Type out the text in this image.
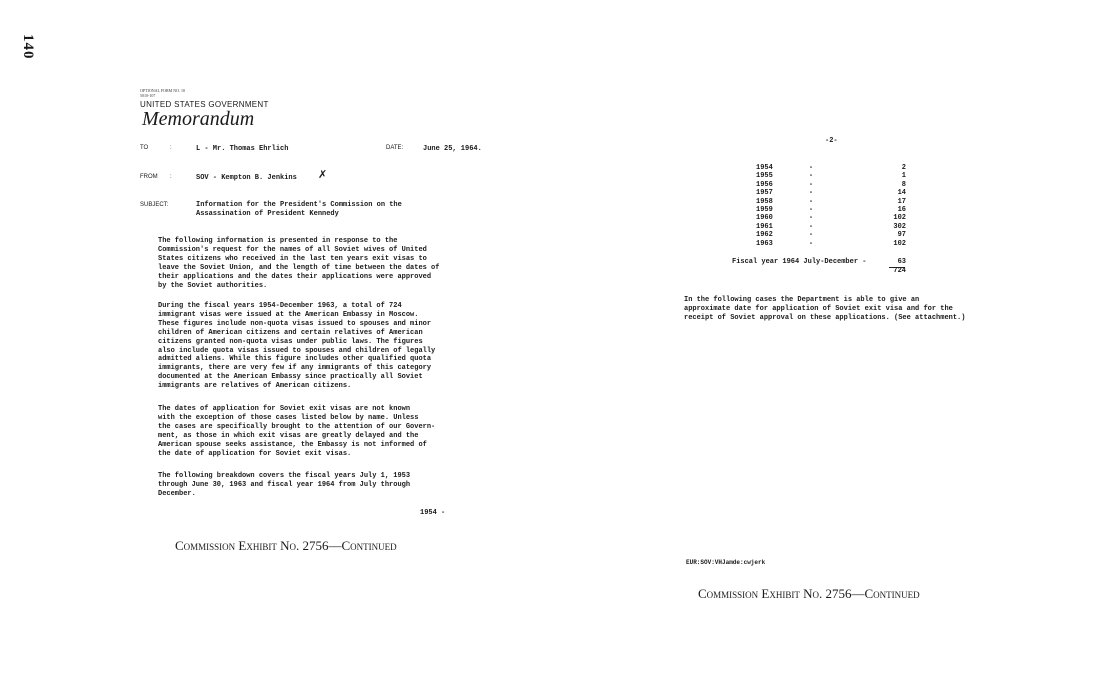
140
OPTIONAL FORM NO. 10
5010-107
UNITED STATES GOVERNMENT
Memorandum
TO	:	L - Mr. Thomas Ehrlich	DATE:	June 25, 1964.
FROM :	SOV - Kempton B. Jenkins	✗
SUBJECT:	Information for the President's Commission on the
Assassination of President Kennedy
The following information is presented in response to the
Commission's request for the names of all Soviet wives of United
States citizens who received in the last ten years exit visas to
leave the Soviet Union, and the length of time between the dates of
their applications and the dates their applications were approved
by the Soviet authorities.
During the fiscal years 1954-December 1963, a total of 724
immigrant visas were issued at the American Embassy in Moscow.
These figures include non-quota visas issued to spouses and minor
children of American citizens and certain relatives of American
citizens granted non-quota visas under public laws. The figures
also include quota visas issued to spouses and children of legally
admitted aliens. While this figure includes other qualified quota
immigrants, there are very few if any immigrants of this category
documented at the American Embassy since practically all Soviet
immigrants are relatives of American citizens.
The dates of application for Soviet exit visas are not known
with the exception of those cases listed below by name. Unless
the cases are specifically brought to the attention of our Govern-
ment, as those in which exit visas are greatly delayed and the
American spouse seeks assistance, the Embassy is not informed of
the date of application for Soviet exit visas.
The following breakdown covers the fiscal years July 1, 1953
through June 30, 1963 and fiscal year 1964 from July through
December.
1954 -
Commission Exhibit No. 2756—Continued
-2-
1954	-	2
1955	-	1
1956	-	8
1957	-	14
1958	-	17
1959	-	16
1960	-	102
1961	-	302
1962	-	97
1963	-	102
Fiscal year 1964 July-December -	63
724
In the following cases the Department is able to give an
approximate date for application of Soviet exit visa and for the
receipt of Soviet approval on these applications. (See attachment.)
EUR:SOV:VHJamde:cwjerk
Commission Exhibit No. 2756—Continued
